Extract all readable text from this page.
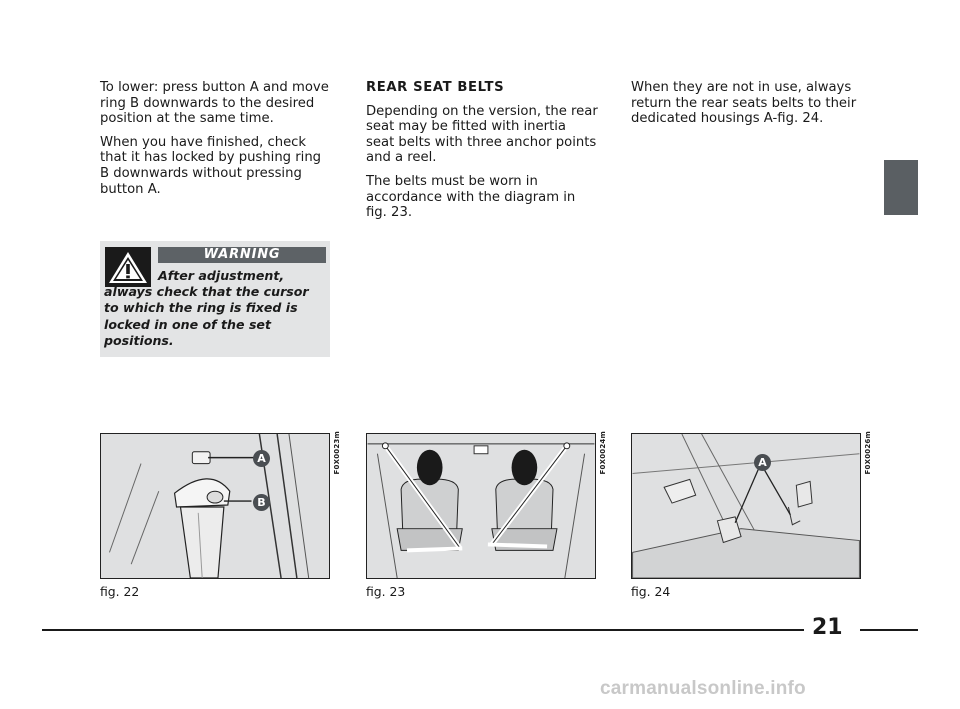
To lower: press button A and move ring B downwards to the desired position at the same time.

When you have finished, check that it has locked by pushing ring B downwards without pressing button A.

WARNING
After adjustment, always check that the cursor to which the ring is fixed is locked in one of the set positions.

REAR SEAT BELTS

Depending on the version, the rear seat may be fitted with inertia seat belts with three anchor points and a reel.

The belts must be worn in accordance with the diagram in fig. 23.

When they are not in use, always return the rear seats belts to their dedicated housings A-fig. 24.

A
B
F0X0023m
fig. 22
F0X0024m
fig. 23
A	F0X0026m
fig. 24
21
carmanualsonline.info
